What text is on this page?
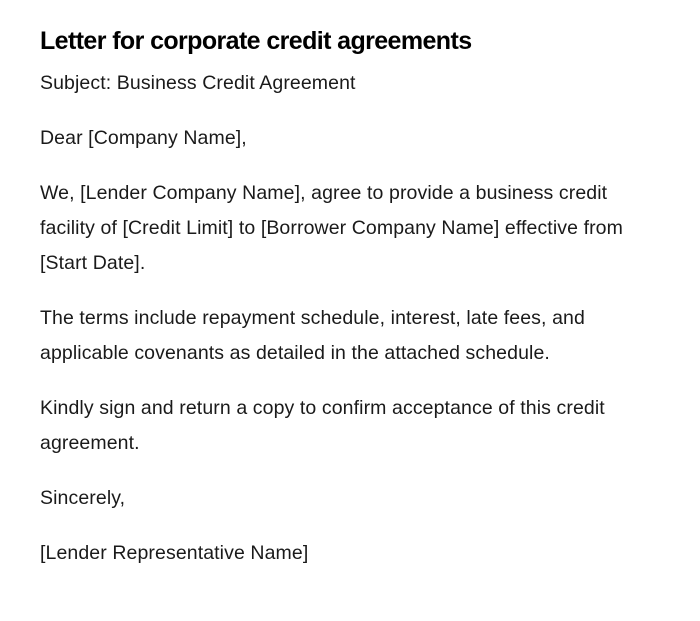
Letter for corporate credit agreements

Subject: Business Credit Agreement

Dear [Company Name],

We, [Lender Company Name], agree to provide a business credit facility of [Credit Limit] to [Borrower Company Name] effective from [Start Date].

The terms include repayment schedule, interest, late fees, and applicable covenants as detailed in the attached schedule.

Kindly sign and return a copy to confirm acceptance of this credit agreement.

Sincerely,

[Lender Representative Name]
